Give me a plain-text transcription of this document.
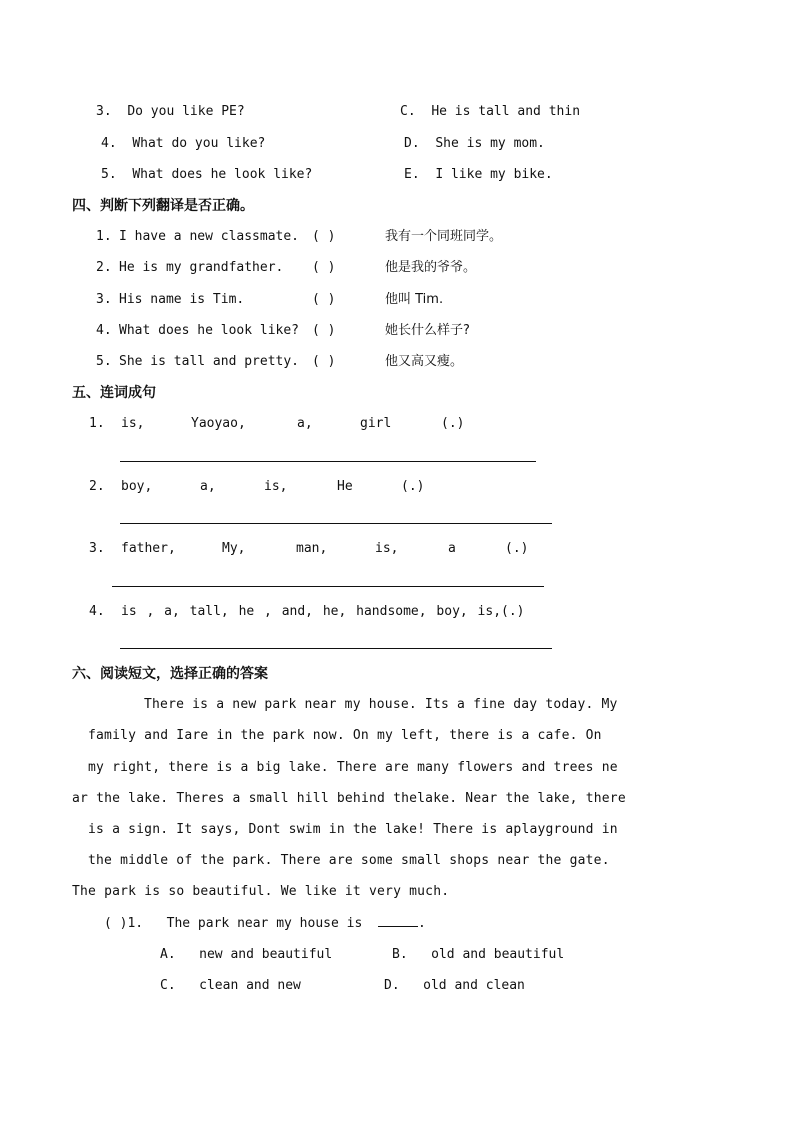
3. Do you like PE?	C. He is tall and thin
4. What do you like?	D. She is my mom.
5. What does he look like?	E. I like my bike.
四、判断下列翻译是否正确。
1. I have a new classmate. ( )	我有一个同班同学。
2. He is my grandfather. ( )	他是我的爷爷。
3. His name is Tim.	( )	他叫 Tim.
4. What does he look like? ( )	她长什么样子?
5. She is tall and pretty. ( )	他又高又瘦。
五、连词成句
1. is,	Yaoyao,	a,	girl	(.)
2. boy,	a,	is,	He	(.)
3. father,	My,	man,	is,	a	(.)
4. is , a, tall, he , and, he, handsome, boy, is,(.)
六、阅读短文，选择正确的答案
There is a new park near my house. Its a fine day today. My
family and Iare in the park now. On my left, there is a cafe. On
my right, there is a big lake. There are many flowers and trees ne
ar the lake. Theres a small hill behind thelake. Near the lake, there
is a sign. It says, Dont swim in the lake! There is aplayground in
the middle of the park. There are some small shops near the gate.
The park is so beautiful. We like it very much.
( )1. The park near my house is	.
A. new and beautiful	B. old and beautiful
C. clean and new	D. old and clean
